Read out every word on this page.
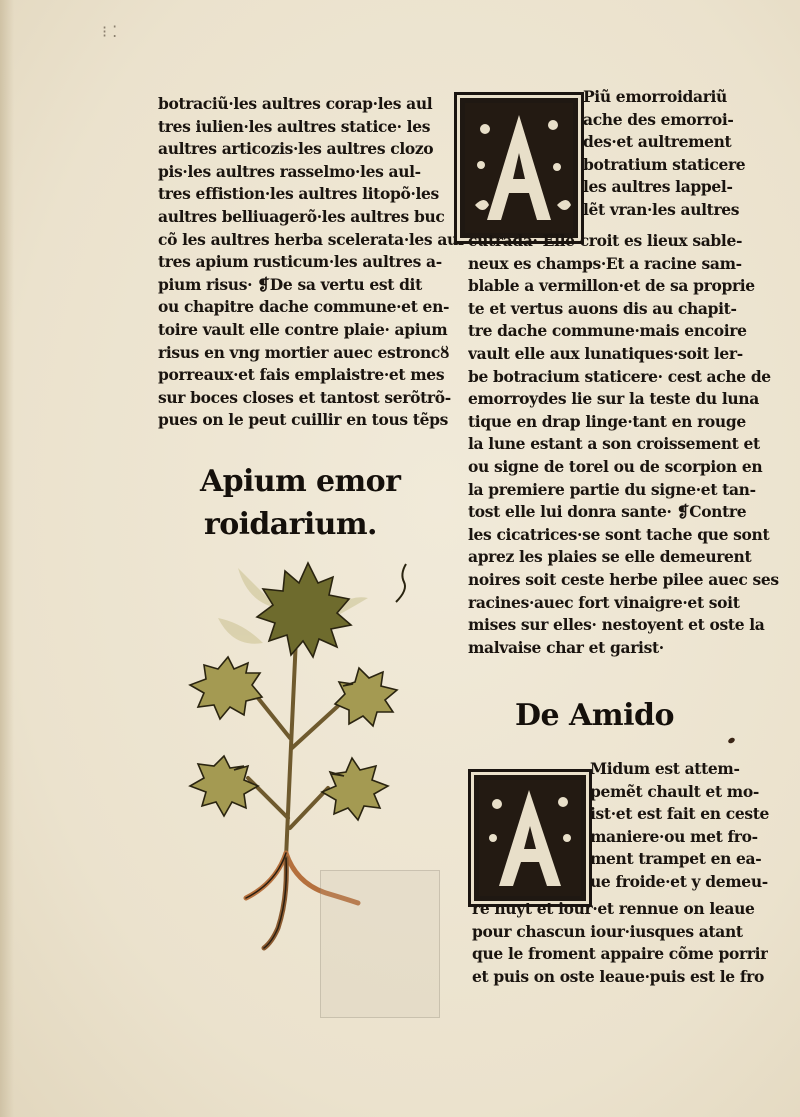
⁝ ⁚
botraciũ·les aultres corap·les aul
tres iulien·les aultres statice· les
aultres articozis·les aultres clozo
pis·les aultres rasselmo·les aul-
tres effistion·les aultres litopõ·les
aultres belliuagerõ·les aultres buc
cõ les aultres herba scelerata·les aul
tres apium rusticum·les aultres a-
pium risus· ❡De sa vertu est dit
ou chapitre dache commune·et en-
toire vault elle contre plaie· apium
risus en vng mortier auec estroncȣ
porreaux·et fais emplaistre·et mes
sur boces closes et tantost serõtrõ-
pues on le peut cuillir en tous tẽps
Apium emor
roidarium.
Piũ emorroidariũ
ache des emorroi-
des·et aultrement
botratium staticere
les aultres lappel-
lẽt vran·les aultres
cutrada· Elle croit es lieux sable-
neux es champs·Et a racine sam-
blable a vermillon·et de sa proprie
te et vertus auons dis au chapit-
tre dache commune·mais encoire
vault elle aux lunatiques·soit ler-
be botracium staticere· cest ache de
emorroydes lie sur la teste du luna
tique en drap linge·tant en rouge
la lune estant a son croissement et
ou signe de torel ou de scorpion en
la premiere partie du signe·et tan-
tost elle lui donra sante· ❡Contre
les cicatrices·se sont tache que sont
aprez les plaies se elle demeurent
noires soit ceste herbe pilee auec ses
racines·auec fort vinaigre·et soit
mises sur elles· nestoyent et oste la
malvaise char et garist·
De Amido
Midum est attem-
pemẽt chault et mo-
ist·et est fait en ceste
maniere·ou met fro-
ment trampet en ea-
ue froide·et y demeu-
re nuyt et iour·et rennue on leaue
pour chascun iour·iusques atant
que le froment appaire cõme porrir
et puis on oste leaue·puis est le fro
